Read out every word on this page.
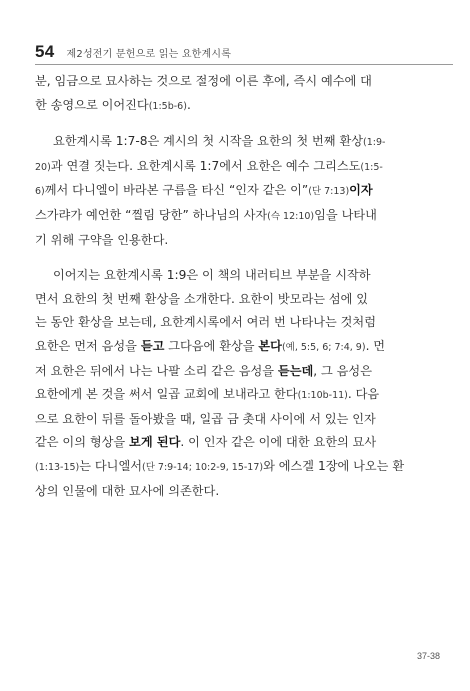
54 제2성전기 문헌으로 읽는 요한계시록
분, 임금으로 묘사하는 것으로 절정에 이른 후에, 즉시 예수에 대
한 송영으로 이어진다(1:5b-6).
요한계시록 1:7-8은 계시의 첫 시작을 요한의 첫 번째 환상(1:9-
20)과 연결 짓는다. 요한계시록 1:7에서 요한은 예수 그리스도(1:5-
6)께서 다니엘이 바라본 구름을 타신 “인자 같은 이”(단 7:13)이자
스가랴가 예언한 “찔림 당한” 하나님의 사자(슥 12:10)임을 나타내
기 위해 구약을 인용한다.
이어지는 요한계시록 1:9은 이 책의 내러티브 부분을 시작하
면서 요한의 첫 번째 환상을 소개한다. 요한이 밧모라는 섬에 있
는 동안 환상을 보는데, 요한계시록에서 여러 번 나타나는 것처럼
요한은 먼저 음성을 듣고 그다음에 환상을 본다(예, 5:5, 6; 7:4, 9). 먼
저 요한은 뒤에서 나는 나팔 소리 같은 음성을 듣는데, 그 음성은
요한에게 본 것을 써서 일곱 교회에 보내라고 한다(1:10b-11). 다음
으로 요한이 뒤를 돌아봤을 때, 일곱 금 촛대 사이에 서 있는 인자
같은 이의 형상을 보게 된다. 이 인자 같은 이에 대한 요한의 묘사
(1:13-15)는 다니엘서(단 7:9-14; 10:2-9, 15-17)와 에스겔 1장에 나오는 환
상의 인물에 대한 묘사에 의존한다.
37-38
